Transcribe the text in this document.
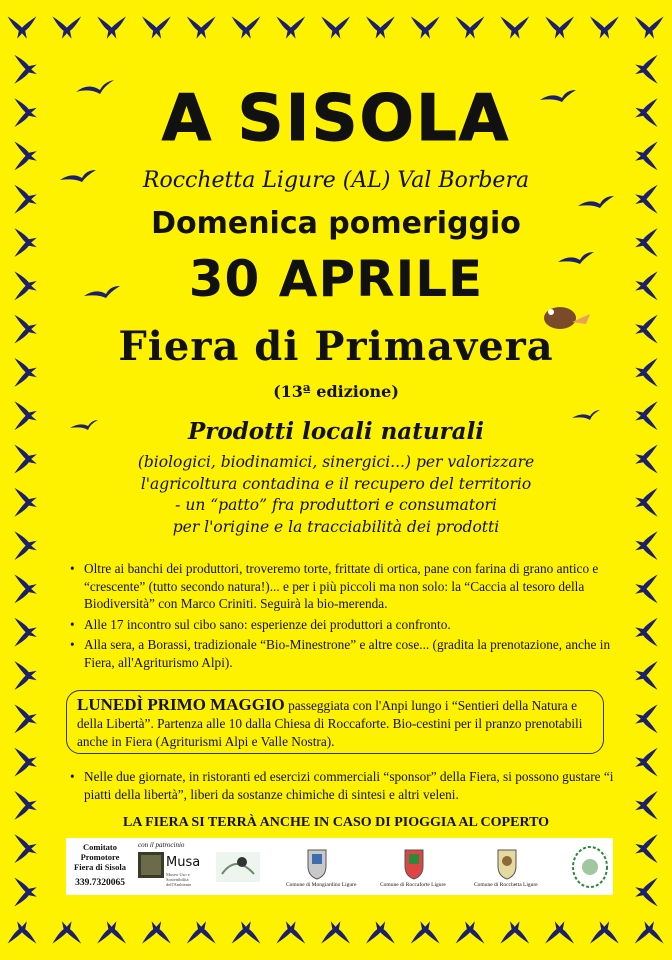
A SISOLA
Rocchetta Ligure (AL) Val Borbera
Domenica pomeriggio
30 APRILE
Fiera di Primavera
(13ª edizione)
Prodotti locali naturali
(biologici, biodinamici, sinergici...) per valorizzare
l'agricoltura contadina e il recupero del territorio
- un “patto” fra produttori e consumatori
per l'origine e la tracciabilità dei prodotti
• Oltre ai banchi dei produttori, troveremo torte, frittate di ortica, pane con farina di grano antico e “crescente” (tutto secondo natura!)... e per i più piccoli ma non solo: la “Caccia al tesoro della Biodiversità” con Marco Criniti. Seguirà la bio-merenda.
• Alle 17 incontro sul cibo sano: esperienze dei produttori a confronto.
• Alla sera, a Borassi, tradizionale “Bio-Minestrone” e altre cose... (gradita la prenotazione, anche in Fiera, all'Agriturismo Alpi).
LUNEDÌ PRIMO MAGGIO passeggiata con l'Anpi lungo i “Sentieri della Natura e della Libertà”. Partenza alle 10 dalla Chiesa di Roccaforte. Bio-cestini per il pranzo prenotabili anche in Fiera (Agriturismi Alpi e Valle Nostra).
• Nelle due giornate, in ristoranti ed esercizi commerciali “sponsor” della Fiera, si possono gustare “i piatti della libertà”, liberi da sostanze chimiche di sintesi e altri veleni.
LA FIERA SI TERRÀ ANCHE IN CASO DI PIOGGIA AL COPERTO
Comitato Promotore Fiera di Sisola
339.7320065
con il patrocinio
Musa
Museo Uso e Sostenibilità dell'Ambiente	Comune di Mongiardino Ligure	Comune di Roccaforte Ligure	Comune di Rocchetta Ligure
